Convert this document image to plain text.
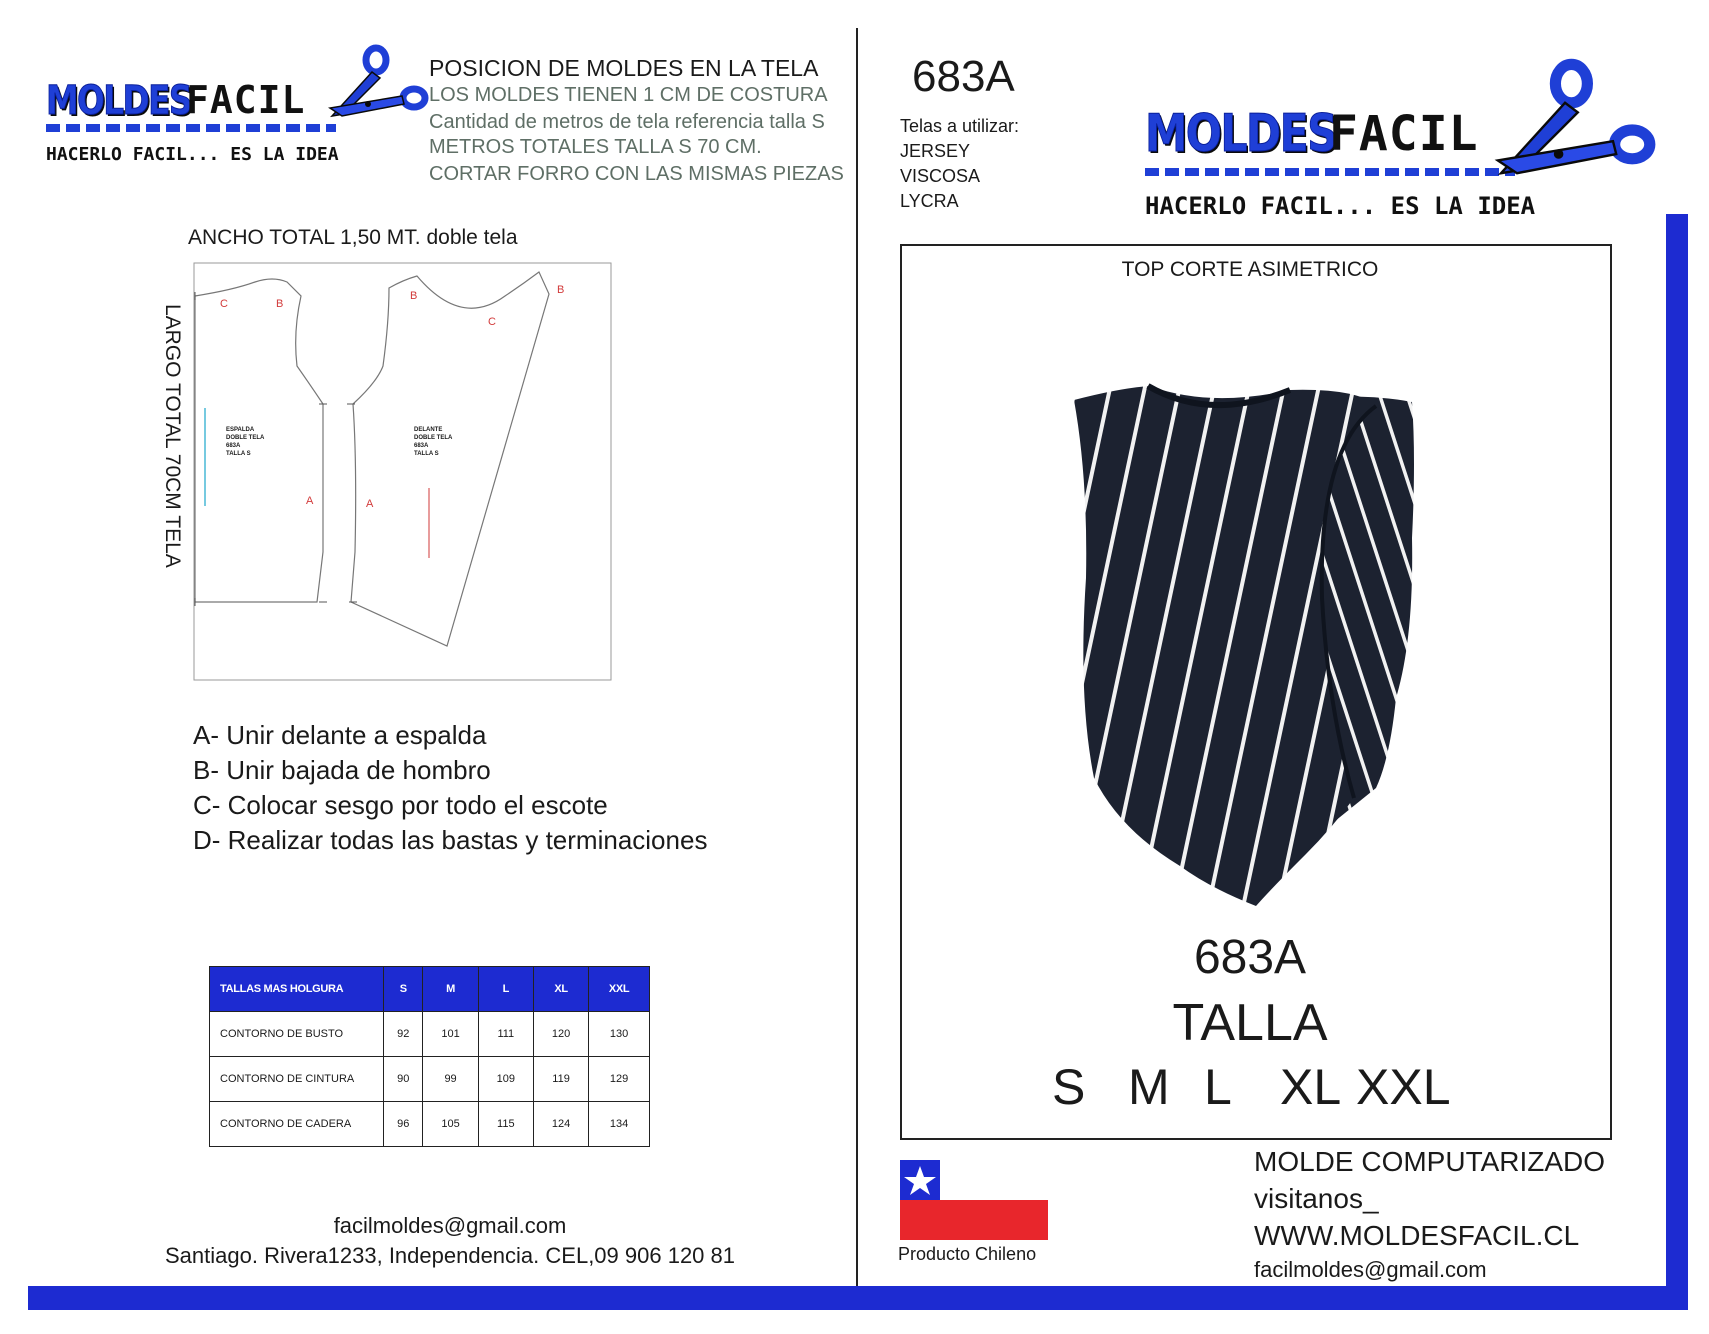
MOLDES
FACIL
HACERLO FACIL... ES LA IDEA
POSICION DE MOLDES EN LA TELA
LOS MOLDES TIENEN 1 CM DE COSTURA
Cantidad de metros de tela referencia talla S
METROS TOTALES TALLA S 70 CM.
CORTAR FORRO CON LAS MISMAS PIEZAS
ANCHO TOTAL 1,50 MT. doble tela
LARGO TOTAL 70CM TELA	C	B
B
C
B
A	A
ESPALDA
DOBLE TELA
683A
TALLA S
DELANTE
DOBLE TELA
683A
TALLA S
A- Unir delante a espalda
B- Unir bajada de hombro
C- Colocar sesgo por todo el escote
D- Realizar todas las bastas y terminaciones
TALLAS MAS HOLGURA	S	M	L	XL	XXL
CONTORNO DE BUSTO	92	101	111	120	130
CONTORNO DE CINTURA	90	99	109	119	129
CONTORNO DE CADERA	96	105	115	124	134
facilmoldes@gmail.com
Santiago. Rivera1233, Independencia. CEL,09 906 120 81
683A
Telas a utilizar:
JERSEY
VISCOSA
LYCRA
MOLDES
FACIL
HACERLO FACIL... ES LA IDEA
TOP CORTE ASIMETRICO
683A
TALLA
S M L XL XXL
Producto Chileno
MOLDE COMPUTARIZADO
visitanos_
WWW.MOLDESFACIL.CL
facilmoldes@gmail.com
